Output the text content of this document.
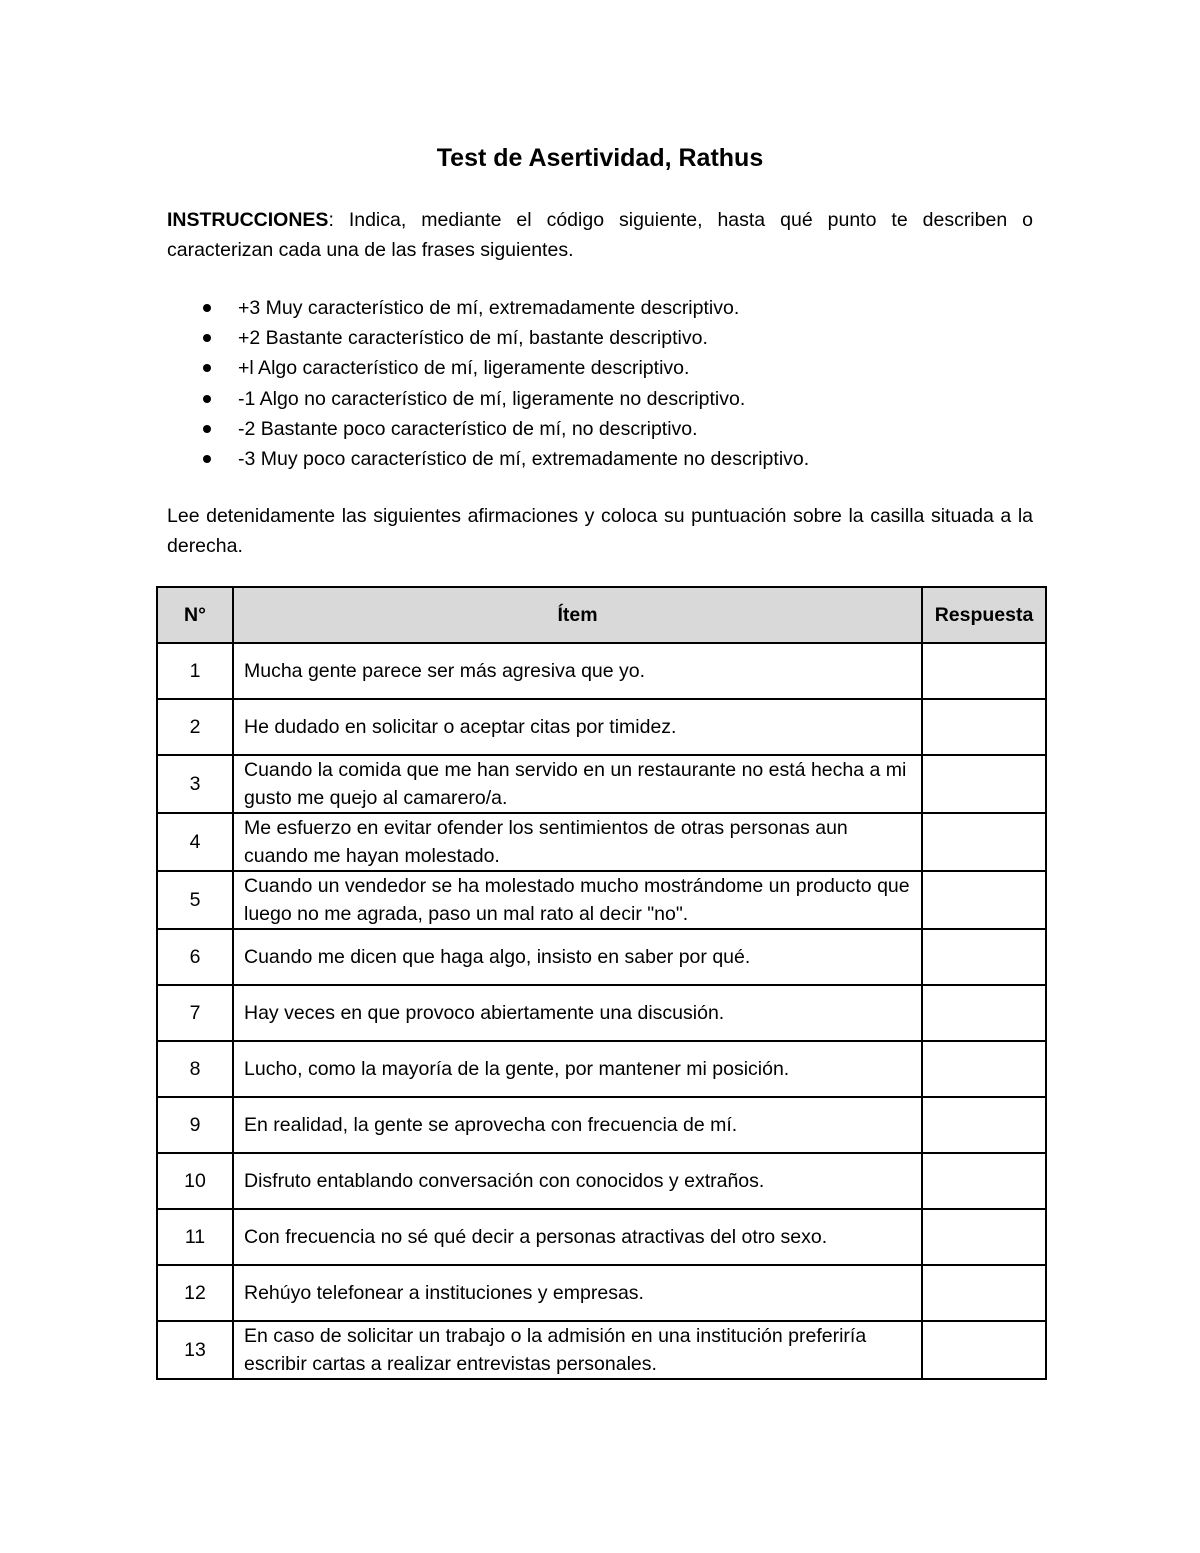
Test de Asertividad, Rathus
INSTRUCCIONES: Indica, mediante el código siguiente, hasta qué punto te describen o caracterizan cada una de las frases siguientes.
+3 Muy característico de mí, extremadamente descriptivo.
+2 Bastante característico de mí, bastante descriptivo.
+l Algo característico de mí, ligeramente descriptivo.
-1 Algo no característico de mí, ligeramente no descriptivo.
-2 Bastante poco característico de mí, no descriptivo.
-3 Muy poco característico de mí, extremadamente no descriptivo.
Lee detenidamente las siguientes afirmaciones y coloca su puntuación sobre la casilla situada a la derecha.
N°	Ítem	Respuesta
1	Mucha gente parece ser más agresiva que yo.	
2	He dudado en solicitar o aceptar citas por timidez.	
3	Cuando la comida que me han servido en un restaurante no está hecha a mi gusto me quejo al camarero/a.	
4	Me esfuerzo en evitar ofender los sentimientos de otras personas aun cuando me hayan molestado.	
5	Cuando un vendedor se ha molestado mucho mostrándome un producto que luego no me agrada, paso un mal rato al decir "no".	
6	Cuando me dicen que haga algo, insisto en saber por qué.	
7	Hay veces en que provoco abiertamente una discusión.	
8	Lucho, como la mayoría de la gente, por mantener mi posición.	
9	En realidad, la gente se aprovecha con frecuencia de mí.	
10	Disfruto entablando conversación con conocidos y extraños.	
11	Con frecuencia no sé qué decir a personas atractivas del otro sexo.	
12	Rehúyo telefonear a instituciones y empresas.	
13	En caso de solicitar un trabajo o la admisión en una institución preferiría escribir cartas a realizar entrevistas personales.	
